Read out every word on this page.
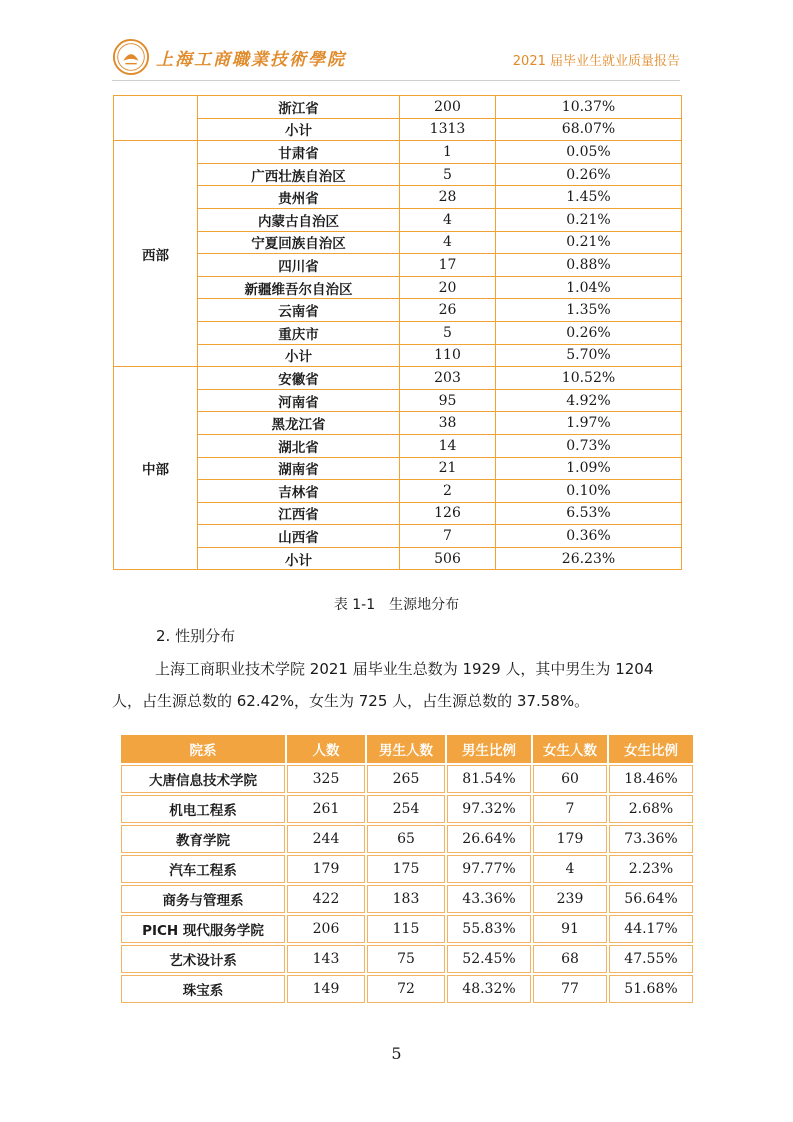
上海工商職業技術學院	2021 届毕业生就业质量报告
	浙江省	200	10.37%
	小计	1313	68.07%
西部	甘肃省	1	0.05%
	广西壮族自治区	5	0.26%
	贵州省	28	1.45%
	内蒙古自治区	4	0.21%
	宁夏回族自治区	4	0.21%
	四川省	17	0.88%
	新疆维吾尔自治区	20	1.04%
	云南省	26	1.35%
	重庆市	5	0.26%
	小计	110	5.70%
中部	安徽省	203	10.52%
	河南省	95	4.92%
	黑龙江省	38	1.97%
	湖北省	14	0.73%
	湖南省	21	1.09%
	吉林省	2	0.10%
	江西省	126	6.53%
	山西省	7	0.36%
	小计	506	26.23%
表 1-1　生源地分布
2. 性别分布
上海工商职业技术学院 2021 届毕业生总数为 1929 人，其中男生为 1204 人，占生源总数的 62.42%，女生为 725 人，占生源总数的 37.58%。
院系	人数	男生人数	男生比例	女生人数	女生比例
大唐信息技术学院	325	265	81.54%	60	18.46%
机电工程系	261	254	97.32%	7	2.68%
教育学院	244	65	26.64%	179	73.36%
汽车工程系	179	175	97.77%	4	2.23%
商务与管理系	422	183	43.36%	239	56.64%
PICH 现代服务学院	206	115	55.83%	91	44.17%
艺术设计系	143	75	52.45%	68	47.55%
珠宝系	149	72	48.32%	77	51.68%
5
